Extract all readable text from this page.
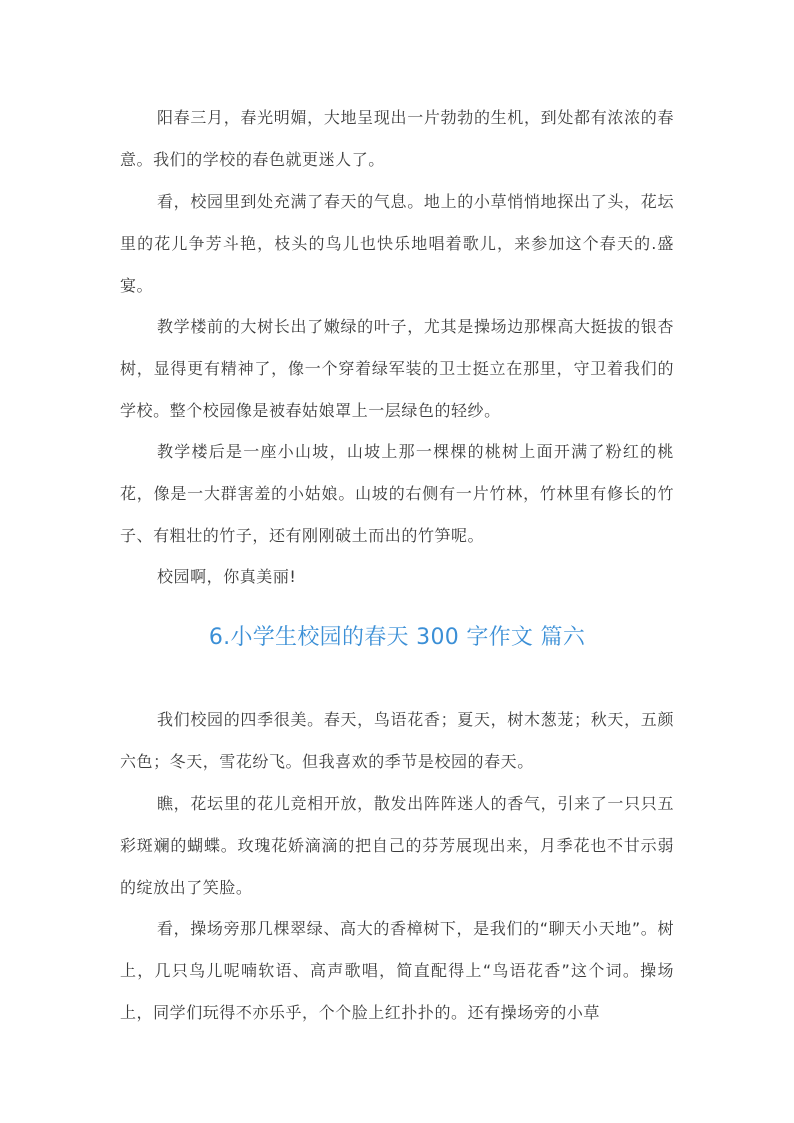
阳春三月，春光明媚，大地呈现出一片勃勃的生机，到处都有浓浓的春意。我们的学校的春色就更迷人了。

看，校园里到处充满了春天的气息。地上的小草悄悄地探出了头，花坛里的花儿争芳斗艳，枝头的鸟儿也快乐地唱着歌儿，来参加这个春天的.盛宴。

教学楼前的大树长出了嫩绿的叶子，尤其是操场边那棵高大挺拔的银杏树，显得更有精神了，像一个穿着绿军装的卫士挺立在那里，守卫着我们的学校。整个校园像是被春姑娘罩上一层绿色的轻纱。

教学楼后是一座小山坡，山坡上那一棵棵的桃树上面开满了粉红的桃花，像是一大群害羞的小姑娘。山坡的右侧有一片竹林，竹林里有修长的竹子、有粗壮的竹子，还有刚刚破土而出的竹笋呢。

校园啊，你真美丽!

6.小学生校园的春天 300 字作文 篇六

我们校园的四季很美。春天，鸟语花香；夏天，树木葱茏；秋天，五颜六色；冬天，雪花纷飞。但我喜欢的季节是校园的春天。

瞧，花坛里的花儿竞相开放，散发出阵阵迷人的香气，引来了一只只五彩斑斓的蝴蝶。玫瑰花娇滴滴的把自己的芬芳展现出来，月季花也不甘示弱的绽放出了笑脸。

看，操场旁那几棵翠绿、高大的香樟树下，是我们的“聊天小天地”。树上，几只鸟儿呢喃软语、高声歌唱，简直配得上“鸟语花香”这个词。操场上，同学们玩得不亦乐乎，个个脸上红扑扑的。还有操场旁的小草
